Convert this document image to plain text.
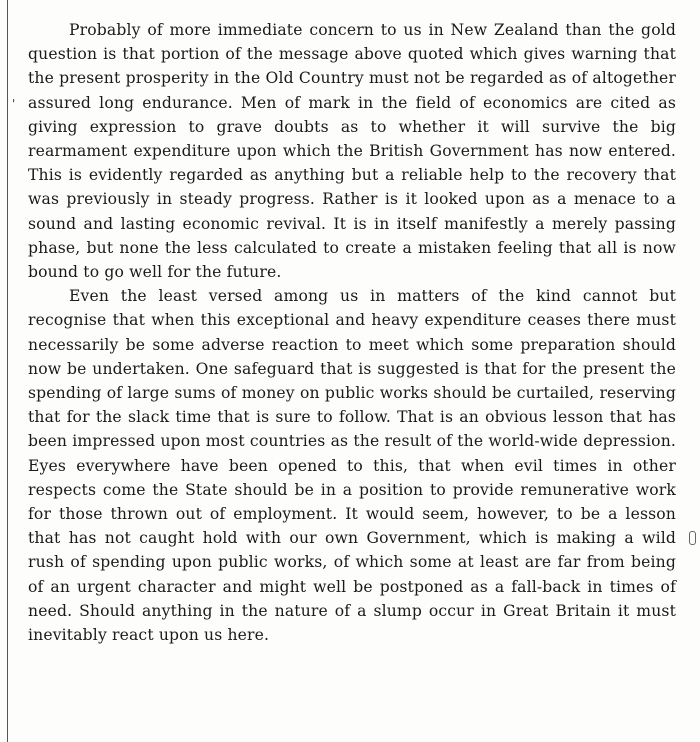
'

Probably of more immediate concern to us in New Zealand than the gold question is that portion of the message above quoted which gives warning that the present prosperity in the Old Country must not be regarded as of altogether assured long endurance. Men of mark in the field of economics are cited as giving expression to grave doubts as to whether it will survive the big rearmament expenditure upon which the British Government has now entered. This is evidently regarded as anything but a reliable help to the recovery that was previously in steady progress. Rather is it looked upon as a menace to a sound and lasting economic revival. It is in itself manifestly a merely passing phase, but none the less calculated to create a mistaken feeling that all is now bound to go well for the future.

Even the least versed among us in matters of the kind cannot but recognise that when this exceptional and heavy expenditure ceases there must necessarily be some adverse reaction to meet which some preparation should now be undertaken. One safeguard that is suggested is that for the present the spending of large sums of money on public works should be curtailed, reserving that for the slack time that is sure to follow. That is an obvious lesson that has been impressed upon most countries as the result of the world-wide depression. Eyes everywhere have been opened to this, that when evil times in other respects come the State should be in a position to provide remunerative work for those thrown out of employment. It would seem, however, to be a lesson that has not caught hold with our own Government, which is making a wild rush of spending upon public works, of which some at least are far from being of an urgent character and might well be postponed as a fall-back in times of need. Should anything in the nature of a slump occur in Great Britain it must inevitably react upon us here.
